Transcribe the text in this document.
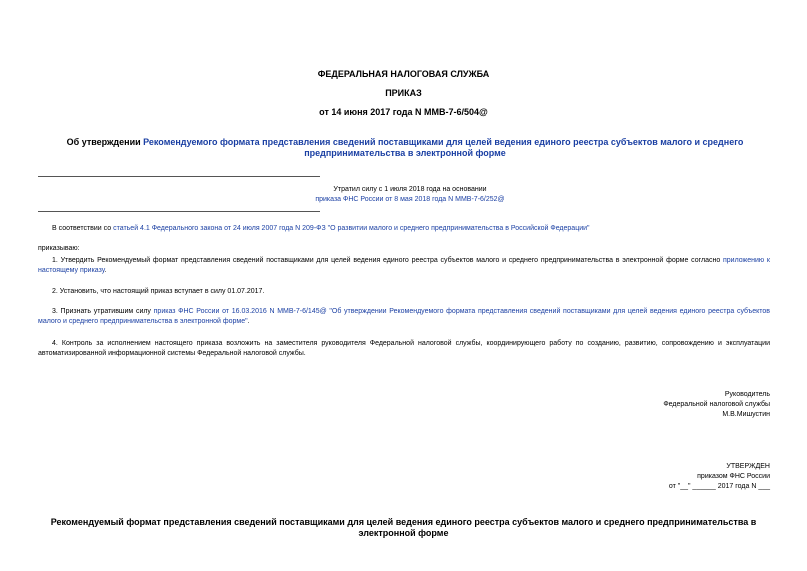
ФЕДЕРАЛЬНАЯ НАЛОГОВАЯ СЛУЖБА
ПРИКАЗ
от 14 июня 2017 года N ММВ-7-6/504@
Об утверждении Рекомендуемого формата представления сведений поставщиками для целей ведения единого реестра субъектов малого и среднего предпринимательства в электронной форме
Утратил силу с 1 июля 2018 года на основании
приказа ФНС России от 8 мая 2018 года N ММВ-7-6/252@
В соответствии со статьей 4.1 Федерального закона от 24 июля 2007 года N 209-ФЗ "О развитии малого и среднего предпринимательства в Российской Федерации"
приказываю:
1. Утвердить Рекомендуемый формат представления сведений поставщиками для целей ведения единого реестра субъектов малого и среднего предпринимательства в электронной форме согласно приложению к настоящему приказу.
2. Установить, что настоящий приказ вступает в силу 01.07.2017.
3. Признать утратившим силу приказ ФНС России от 16.03.2016 N ММВ-7-6/145@ "Об утверждении Рекомендуемого формата представления сведений поставщиками для целей ведения единого реестра субъектов малого и среднего предпринимательства в электронной форме".
4. Контроль за исполнением настоящего приказа возложить на заместителя руководителя Федеральной налоговой службы, координирующего работу по созданию, развитию, сопровождению и эксплуатации автоматизированной информационной системы Федеральной налоговой службы.
Руководитель
Федеральной налоговой службы
М.В.Мишустин
УТВЕРЖДЕН
приказом ФНС России
от "__" ______ 2017 года N ___
Рекомендуемый формат представления сведений поставщиками для целей ведения единого реестра субъектов малого и среднего предпринимательства в электронной форме
